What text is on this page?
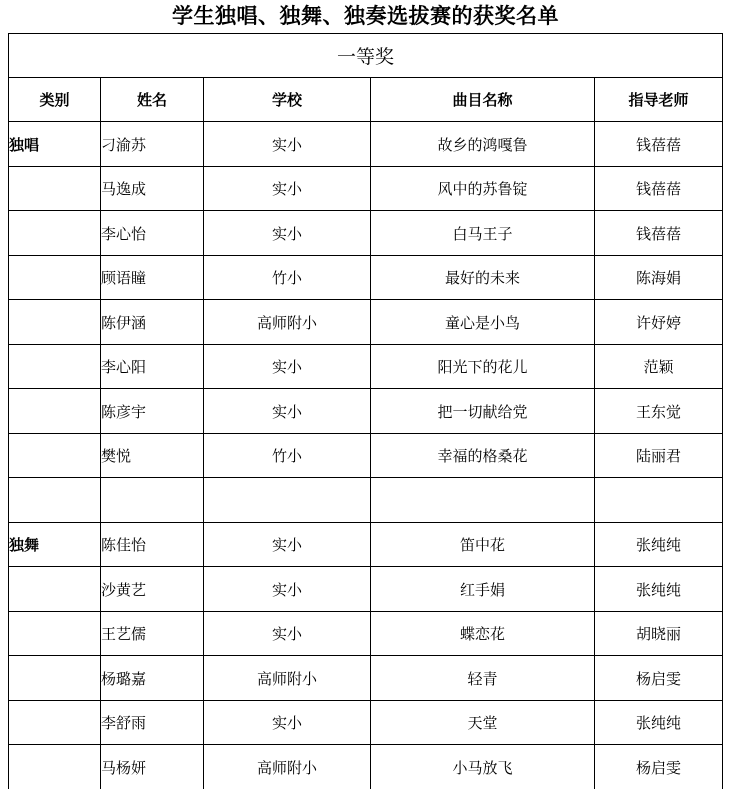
学生独唱、独舞、独奏选拔赛的获奖名单
一等奖				
类别	姓名	学校	曲目名称	指导老师
独唱	刁渝苏	实小	故乡的鸿嘎鲁	钱蓓蓓
	马逸成	实小	风中的苏鲁锭	钱蓓蓓
	李心怡	实小	白马王子	钱蓓蓓
	顾语瞳	竹小	最好的未来	陈海娟
	陈伊涵	高师附小	童心是小鸟	许妤婷
	李心阳	实小	阳光下的花儿	范颖
	陈彦宇	实小	把一切献给党	王东觉
	樊悦	竹小	幸福的格桑花	陆丽君

独舞	陈佳怡	实小	笛中花	张纯纯
	沙黄艺	实小	红手娟	张纯纯
	王艺儒	实小	蝶恋花	胡晓丽
	杨璐嘉	高师附小	轻青	杨启雯
	李舒雨	实小	天堂	张纯纯
	马杨妍	高师附小	小马放飞	杨启雯
